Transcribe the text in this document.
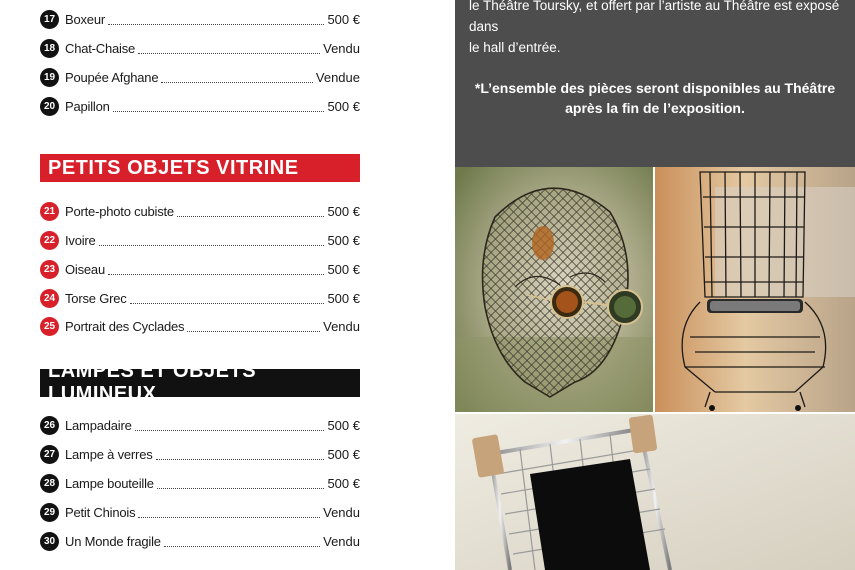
17 Boxeur	500 €
18 Chat-Chaise	Vendu
19 Poupée Afghane	Vendue
20 Papillon	500 €
PETITS OBJETS VITRINE
21 Porte-photo cubiste	500 €
22 Ivoire	500 €
23 Oiseau	500 €
24 Torse Grec	500 €
25 Portrait des Cyclades	Vendu
LAMPES ET OBJETS LUMINEUX
26 Lampadaire	500 €
27 Lampe à verres	500 €
28 Lampe bouteille	500 €
29 Petit Chinois	Vendu
30 Un Monde fragile	Vendu
le Théâtre Toursky, et offert par l’artiste au Théâtre est exposé dans
le hall d’entrée.
*L’ensemble des pièces seront disponibles au Théâtre
après la fin de l’exposition.
